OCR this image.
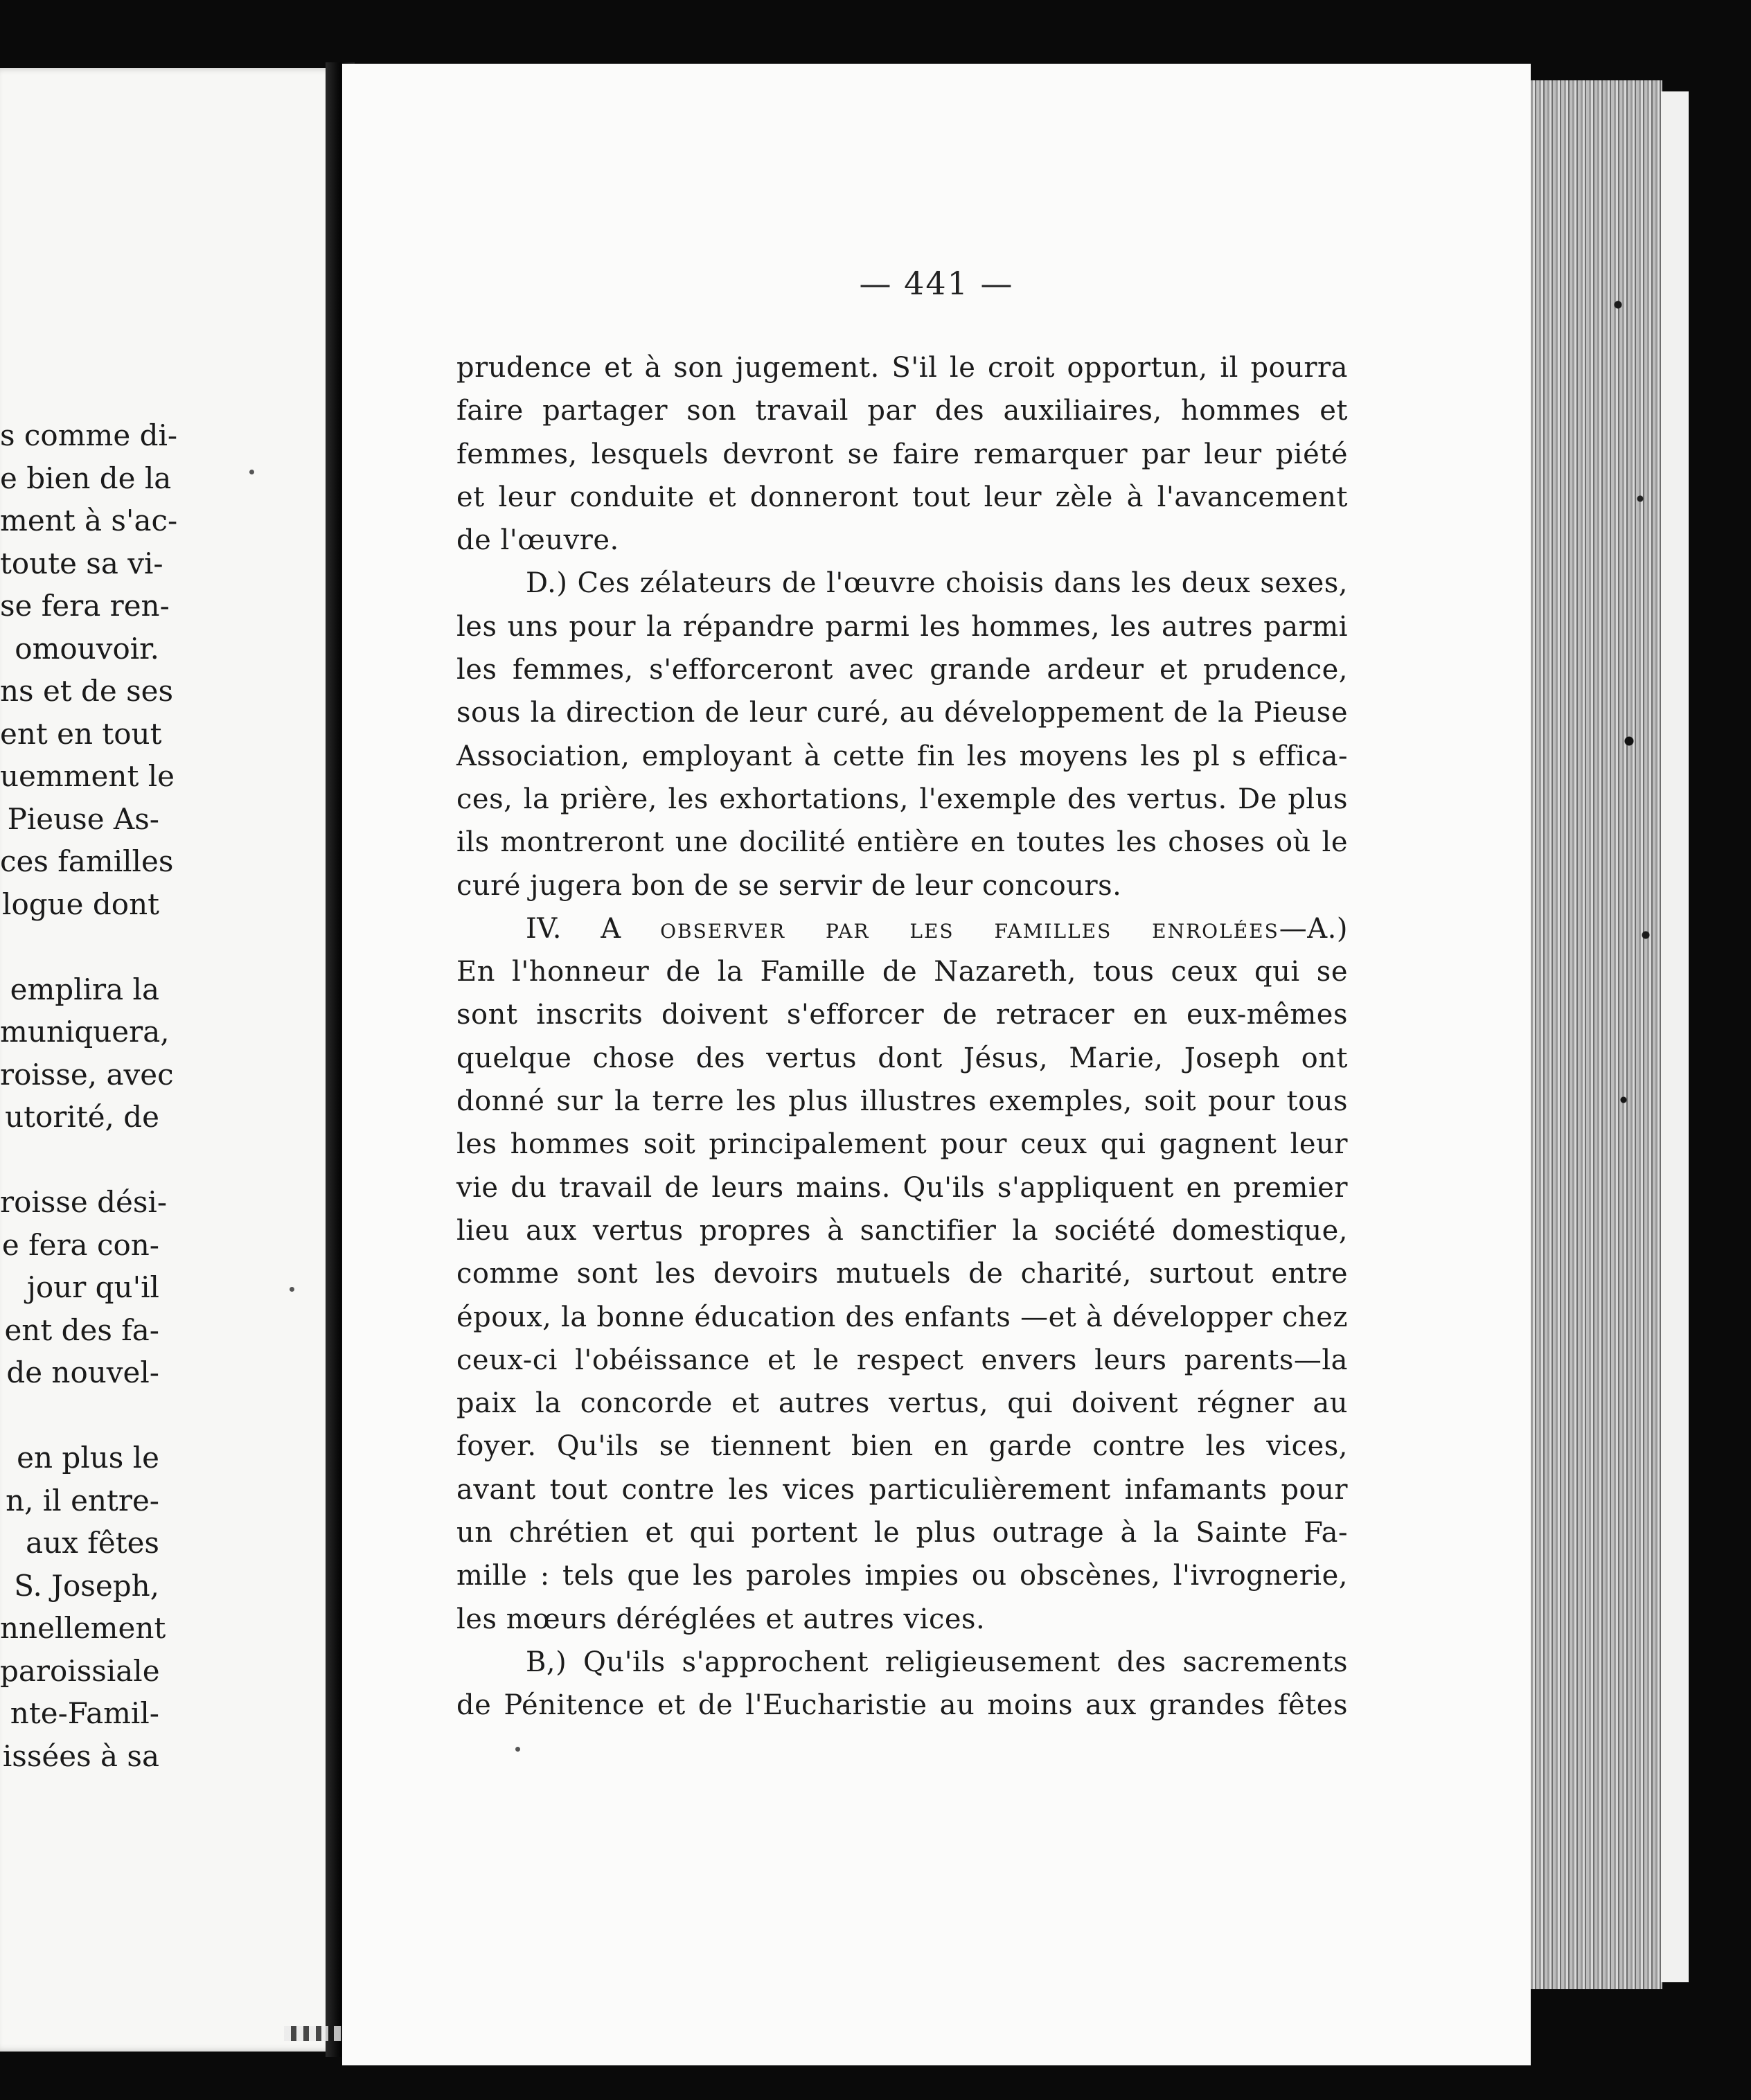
s comme di-
e bien de la
ment à s'ac-
toute sa vi-
se fera ren-
omouvoir.
ns et de ses
ent en tout
uemment le
Pieuse As-
ces familles
logue dont
emplira la
muniquera,
roisse, avec
utorité, de
roisse dési-
e fera con-
jour qu'il
ent des fa-
de nouvel-
en plus le
n, il entre-
aux fêtes
S. Joseph,
nnellement
paroissiale
nte-Famil-
issées à sa
— 441 —
prudence et à son jugement. S'il le croit opportun, il pourra
faire partager son travail par des auxiliaires, hommes et
femmes, lesquels devront se faire remarquer par leur piété
et leur conduite et donneront tout leur zèle à l'avancement
de l'œuvre.
D.) Ces zélateurs de l'œuvre choisis dans les deux sexes,
les uns pour la répandre parmi les hommes, les autres parmi
les femmes, s'efforceront avec grande ardeur et prudence,
sous la direction de leur curé, au développement de la Pieuse
Association, employant à cette fin les moyens les pl s effica-
ces, la prière, les exhortations, l'exemple des vertus. De plus
ils montreront une docilité entière en toutes les choses où le
curé jugera bon de se servir de leur concours.
IV. A observer par les familles enrolées—A.)
En l'honneur de la Famille de Nazareth, tous ceux qui se
sont inscrits doivent s'efforcer de retracer en eux-mêmes
quelque chose des vertus dont Jésus, Marie, Joseph ont
donné sur la terre les plus illustres exemples, soit pour tous
les hommes soit principalement pour ceux qui gagnent leur
vie du travail de leurs mains. Qu'ils s'appliquent en premier
lieu aux vertus propres à sanctifier la société domestique,
comme sont les devoirs mutuels de charité, surtout entre
époux, la bonne éducation des enfants —et à développer chez
ceux-ci l'obéissance et le respect envers leurs parents—la
paix la concorde et autres vertus, qui doivent régner au
foyer. Qu'ils se tiennent bien en garde contre les vices,
avant tout contre les vices particulièrement infamants pour
un chrétien et qui portent le plus outrage à la Sainte Fa-
mille : tels que les paroles impies ou obscènes, l'ivrognerie,
les mœurs déréglées et autres vices.
B,) Qu'ils s'approchent religieusement des sacrements
de Pénitence et de l'Eucharistie au moins aux grandes fêtes
